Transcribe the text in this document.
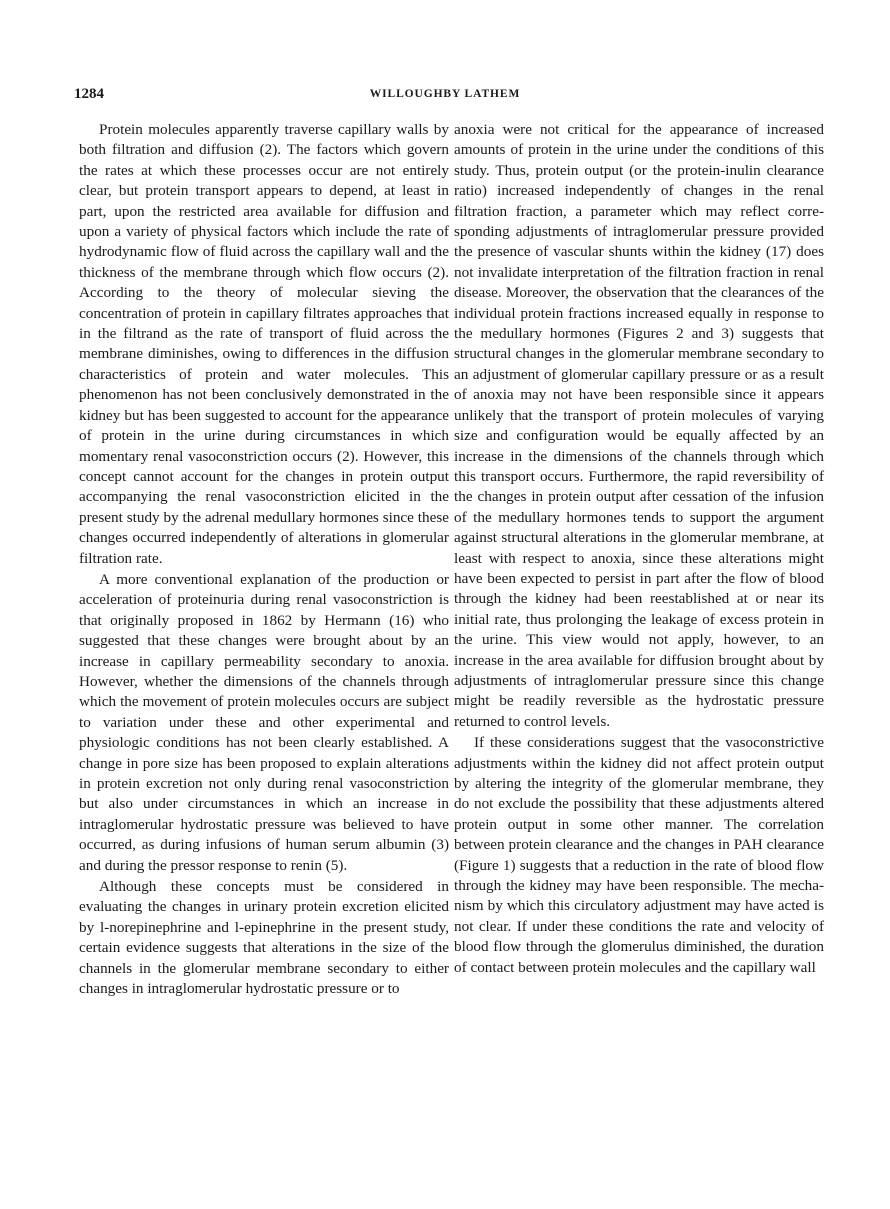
1284	WILLOUGHBY LATHEM

Protein molecules apparently traverse capillary walls by both filtration and diffusion (2). The factors which govern the rates at which these processes occur are not entirely clear, but protein transport appears to depend, at least in part, upon the restricted area available for diffusion and upon a variety of physical factors which include the rate of hydrodynamic flow of fluid across the capillary wall and the thickness of the membrane through which flow occurs (2). According to the theory of molecular sieving the concentration of protein in capillary filtrates approaches that in the filtrand as the rate of transport of fluid across the membrane diminishes, owing to differences in the diffusion characteristics of protein and water molecules. This phenomenon has not been conclusively demonstrated in the kidney but has been suggested to account for the appearance of protein in the urine during circumstances in which momentary renal vasoconstriction occurs (2). However, this concept cannot account for the changes in protein output accompanying the renal vasoconstriction elicited in the present study by the adrenal medullary hormones since these changes occurred independently of alterations in glomerular filtration rate.

A more conventional explanation of the production or acceleration of proteinuria during renal vasoconstriction is that originally proposed in 1862 by Hermann (16) who suggested that these changes were brought about by an increase in capillary permeability secondary to anoxia. However, whether the dimensions of the channels through which the movement of protein molecules occurs are subject to variation under these and other experimental and physiologic conditions has not been clearly established. A change in pore size has been proposed to explain alterations in protein excretion not only during renal vasoconstriction but also under circumstances in which an increase in intraglomerular hydrostatic pressure was believed to have occurred, as during infusions of human serum albumin (3) and during the pressor response to renin (5).

Although these concepts must be considered in evaluating the changes in urinary protein excretion elicited by l-norepinephrine and l-epinephrine in the present study, certain evidence suggests that alterations in the size of the channels in the glomerular membrane secondary to either changes in intraglomerular hydrostatic pressure or to

anoxia were not critical for the appearance of increased amounts of protein in the urine under the conditions of this study. Thus, protein output (or the protein-inulin clearance ratio) increased independently of changes in the renal filtration fraction, a parameter which may reflect corresponding adjustments of intraglomerular pressure provided the presence of vascular shunts within the kidney (17) does not invalidate interpretation of the filtration fraction in renal disease. Moreover, the observation that the clearances of the individual protein fractions increased equally in response to the medullary hormones (Figures 2 and 3) suggests that structural changes in the glomerular membrane secondary to an adjustment of glomerular capillary pressure or as a result of anoxia may not have been responsible since it appears unlikely that the transport of protein molecules of varying size and configuration would be equally affected by an increase in the dimensions of the channels through which this transport occurs. Furthermore, the rapid reversibility of the changes in protein output after cessation of the infusion of the medullary hormones tends to support the argument against structural alterations in the glomerular membrane, at least with respect to anoxia, since these alterations might have been expected to persist in part after the flow of blood through the kidney had been reestablished at or near its initial rate, thus prolonging the leakage of excess protein in the urine. This view would not apply, however, to an increase in the area available for diffusion brought about by adjustments of intraglomerular pressure since this change might be readily reversible as the hydrostatic pressure returned to control levels.

If these considerations suggest that the vasoconstrictive adjustments within the kidney did not affect protein output by altering the integrity of the glomerular membrane, they do not exclude the possibility that these adjustments altered protein output in some other manner. The correlation between protein clearance and the changes in PAH clearance (Figure 1) suggests that a reduction in the rate of blood flow through the kidney may have been responsible. The mechanism by which this circulatory adjustment may have acted is not clear. If under these conditions the rate and velocity of blood flow through the glomerulus diminished, the duration of contact between protein molecules and the capillary wall
